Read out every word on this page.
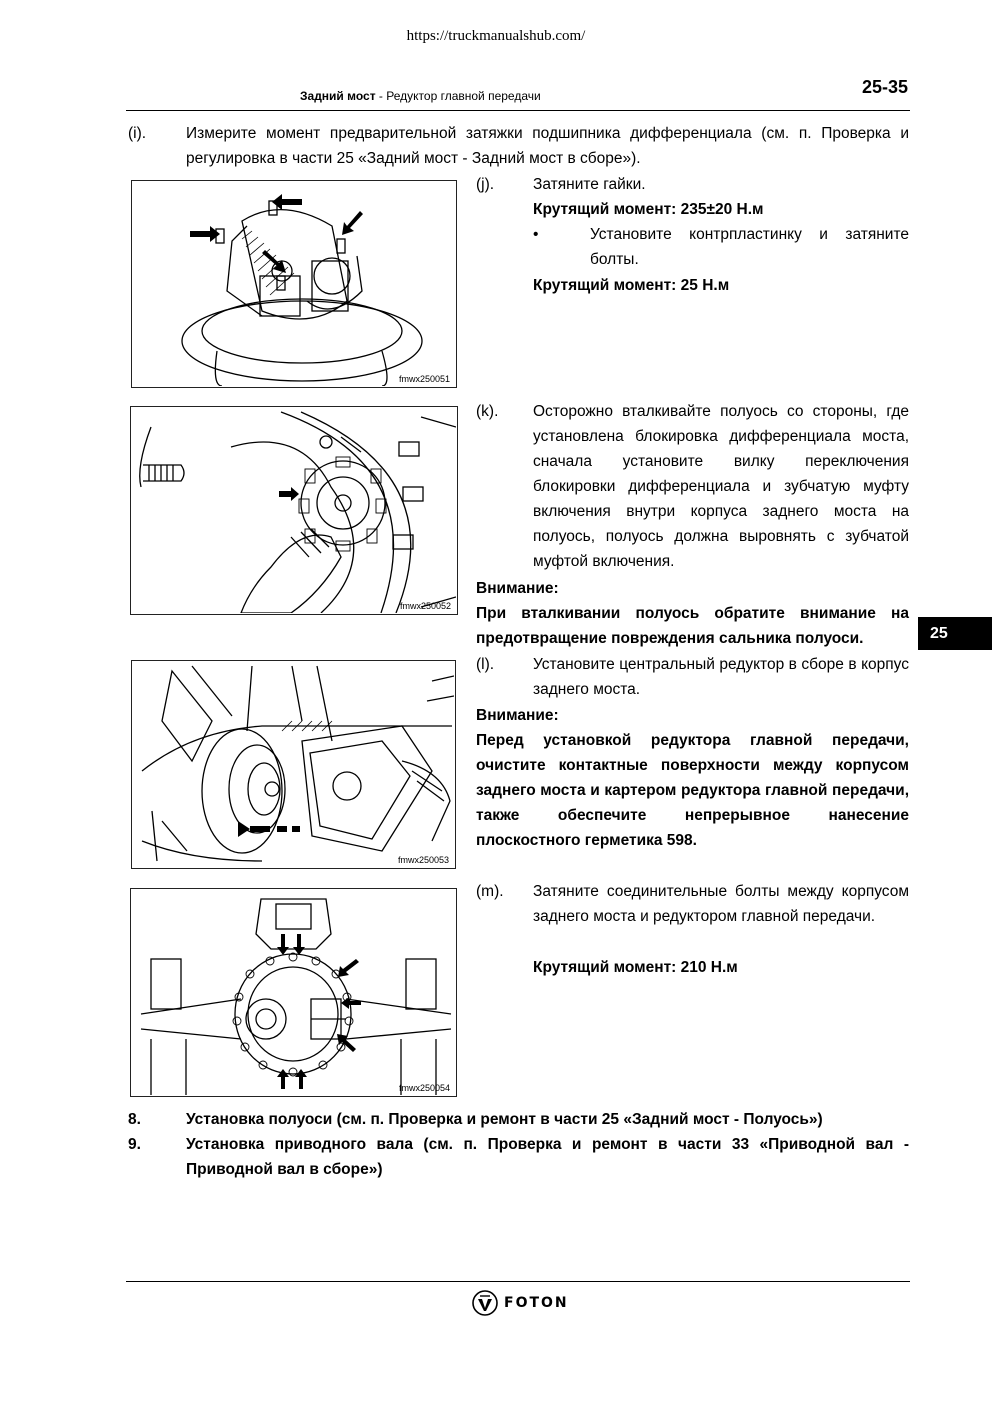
https://truckmanualshub.com/
Задний мост - Редуктор главной передачи	25-35
(i).	Измерите момент предварительной затяжки подшипника дифференциала (см. п. Проверка и регулировка в части 25 «Задний мост - Задний мост в сборе»).
fmwx250051
(j).	Затяните гайки.
Крутящий момент: 235±20 Н.м
•	Установите контрпластинку и затяните болты.
Крутящий момент: 25 Н.м
fmwx250052
(k). Осторожно вталкивайте полуось со стороны, где установлена блокировка дифференциала моста, сначала установите вилку переключения блокировки дифференциала и зубчатую муфту включения внутри корпуса заднего моста на полуось, полуось должна выровнять с зубчатой муфтой включения.
Внимание:
При вталкивании полуось обратите внимание на предотвращение повреждения сальника полуоси.	25
fmwx250053
(l).	Установите центральный редуктор в сборе в корпус заднего моста.
Внимание:
Перед установкой редуктора главной передачи, очистите контактные поверхности между корпусом заднего моста и картером редуктора главной передачи, также обеспечите непрерывное нанесение плоскостного герметика 598.
fmwx250054
(m). Затяните соединительные болты между корпусом заднего моста и редуктором главной передачи.
Крутящий момент: 210 Н.м
8.	Установка полуоси (см. п. Проверка и ремонт в части 25 «Задний мост - Полуось»)
9.	Установка приводного вала (см. п. Проверка и ремонт в части 33 «Приводной вал - Приводной вал в сборе»)
FOTON
